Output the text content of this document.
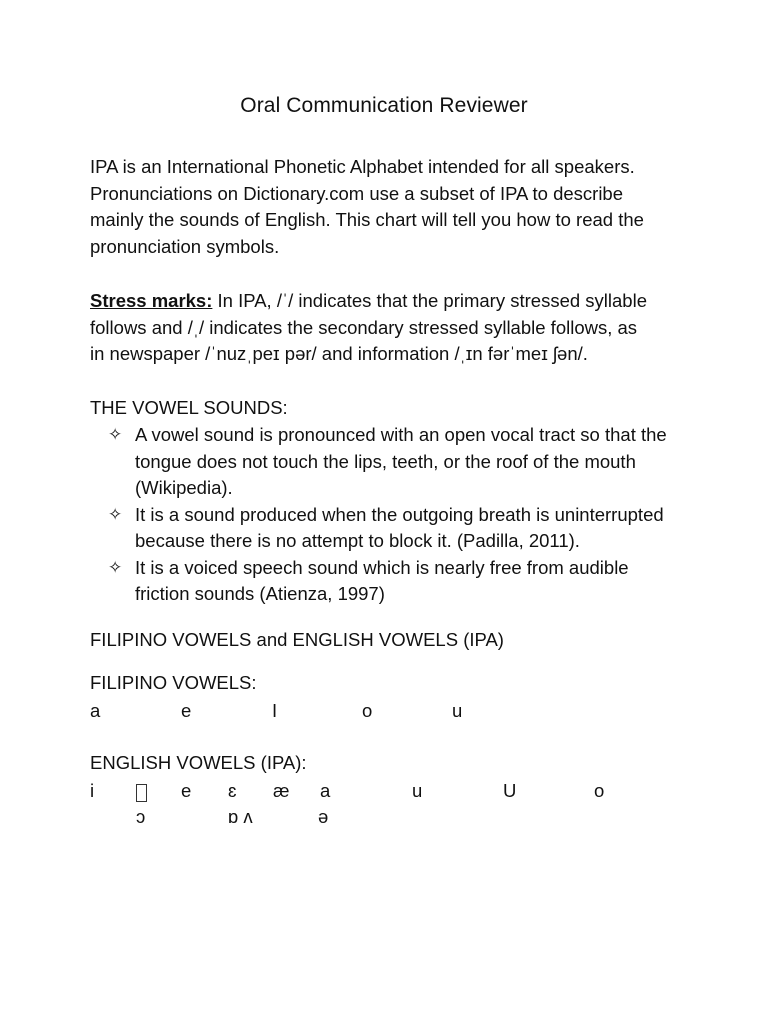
Oral Communication Reviewer
IPA is an International Phonetic Alphabet intended for all speakers.
Pronunciations on Dictionary.com use a subset of IPA to describe
mainly the sounds of English. This chart will tell you how to read the
pronunciation symbols.
Stress marks: In IPA, /ˈ/ indicates that the primary stressed syllable
follows and /ˌ/ indicates the secondary stressed syllable follows, as
in newspaper /ˈnuzˌpeɪ pər/ and information /ˌɪn fərˈmeɪ ʃən/.
THE VOWEL SOUNDS:
✧ A vowel sound is pronounced with an open vocal tract so that the
tongue does not touch the lips, teeth, or the roof of the mouth
(Wikipedia).
✧ It is a sound produced when the outgoing breath is uninterrupted
because there is no attempt to block it. (Padilla, 2011).
✧ It is a voiced speech sound which is nearly free from audible
friction sounds (Atienza, 1997)
FILIPINO VOWELS and ENGLISH VOWELS (IPA)
FILIPINO VOWELS:
a	e	I	o	u
ENGLISH VOWELS (IPA):
i	e ɛ æ a	u	U	o
ɔ	ɒ ʌ	ə
